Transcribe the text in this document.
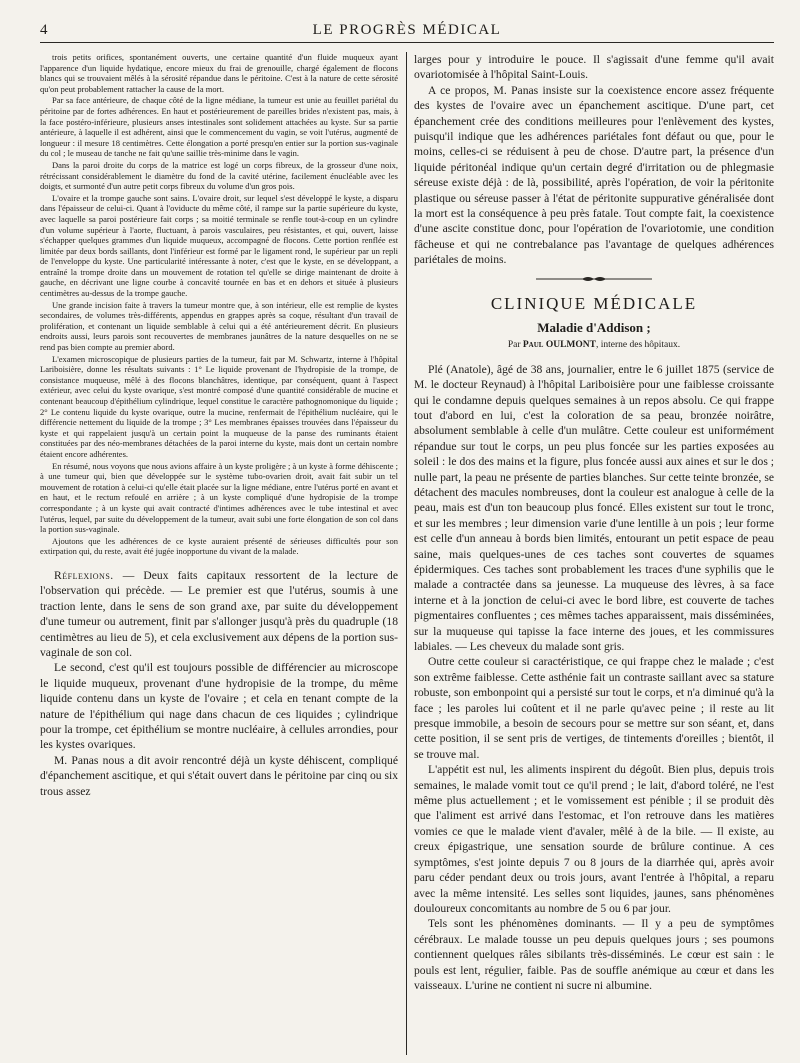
4	LE PROGRÈS MÉDICAL

trois petits orifices, spontanément ouverts, une certaine quantité d'un fluide muqueux ayant l'apparence d'un liquide hydatique, encore mieux du frai de grenouille, chargé également de flocons blancs qui se trouvaient mêlés à la sérosité répandue dans le péritoine. C'est à la nature de cette sérosité qu'on peut probablement rattacher la cause de la mort.

Par sa face antérieure, de chaque côté de la ligne médiane, la tumeur est unie au feuillet pariétal du péritoine par de fortes adhérences. En haut et postérieurement de pareilles brides n'existent pas, mais, à la face postéro-inférieure, plusieurs anses intestinales sont solidement attachées au kyste. Sur sa partie antérieure, à laquelle il est adhérent, ainsi que le commencement du vagin, se voit l'utérus, augmenté de longueur : il mesure 18 centimètres. Cette élongation a porté presqu'en entier sur la portion sus-vaginale du col ; le museau de tanche ne fait qu'une saillie très-minime dans le vagin.

Dans la paroi droite du corps de la matrice est logé un corps fibreux, de la grosseur d'une noix, rétrécissant considérablement le diamètre du fond de la cavité utérine, facilement énucléable avec les doigts, et surmonté d'un autre petit corps fibreux du volume d'un gros pois.

L'ovaire et la trompe gauche sont sains. L'ovaire droit, sur lequel s'est développé le kyste, a disparu dans l'épaisseur de celui-ci. Quant à l'oviducte du même côté, il rampe sur la partie supérieure du kyste, avec laquelle sa paroi postérieure fait corps ; sa moitié terminale se renfle tout-à-coup en un cylindre d'un volume supérieur à l'aorte, fluctuant, à parois vasculaires, peu résistantes, et qui, ouvert, laisse s'échapper quelques grammes d'un liquide muqueux, accompagné de flocons. Cette portion renflée est limitée par deux bords saillants, dont l'inférieur est formé par le ligament rond, le supérieur par un repli de l'enveloppe du kyste. Une particularité intéressante à noter, c'est que le kyste, en se développant, a entraîné la trompe droite dans un mouvement de rotation tel qu'elle se dirige maintenant de droite à gauche, en décrivant une ligne courbe à concavité tournée en bas et en dehors et située à plusieurs centimètres au-dessus de la trompe gauche.

Une grande incision faite à travers la tumeur montre que, à son intérieur, elle est remplie de kystes secondaires, de volumes très-différents, appendus en grappes après sa coque, résultant d'un travail de prolifération, et contenant un liquide semblable à celui qui a été antérieurement décrit. En plusieurs endroits aussi, leurs parois sont recouvertes de membranes jaunâtres de la nature desquelles on ne se rend pas bien compte au premier abord.

L'examen microscopique de plusieurs parties de la tumeur, fait par M. Schwartz, interne à l'hôpital Lariboisière, donne les résultats suivants : 1° Le liquide provenant de l'hydropisie de la trompe, de consistance muqueuse, mêlé à des flocons blanchâtres, identique, par conséquent, quant à l'aspect extérieur, avec celui du kyste ovarique, s'est montré composé d'une quantité considérable de mucine et contenant beaucoup d'épithélium cylindrique, lequel constitue le caractère pathognomonique du liquide ; 2° Le contenu liquide du kyste ovarique, outre la mucine, renfermait de l'épithélium nucléaire, qui le différencie nettement du liquide de la trompe ; 3° Les membranes épaisses trouvées dans l'épaisseur du kyste et qui rappelaient jusqu'à un certain point la muqueuse de la panse des ruminants étaient constituées par des néo-membranes détachées de la paroi interne du kyste, mais dont un certain nombre étaient encore adhérentes.

En résumé, nous voyons que nous avions affaire à un kyste proligère ; à un kyste à forme déhiscente ; à une tumeur qui, bien que développée sur le système tubo-ovarien droit, avait fait subir un tel mouvement de rotation à celui-ci qu'elle était placée sur la ligne médiane, entre l'utérus porté en avant et en haut, et le rectum refoulé en arrière ; à un kyste compliqué d'une hydropisie de la trompe correspondante ; à un kyste qui avait contracté d'intimes adhérences avec le tube intestinal et avec l'utérus, lequel, par suite du développement de la tumeur, avait subi une forte élongation de son col dans la portion sus-vaginale.

Ajoutons que les adhérences de ce kyste auraient présenté de sérieuses difficultés pour son extirpation qui, du reste, avait été jugée inopportune du vivant de la malade.

Réflexions. — Deux faits capitaux ressortent de la lecture de l'observation qui précède. — Le premier est que l'utérus, soumis à une traction lente, dans le sens de son grand axe, par suite du développement d'une tumeur ou autrement, finit par s'allonger jusqu'à près du quadruple (18 centimètres au lieu de 5), et cela exclusivement aux dépens de la portion sus-vaginale de son col.

Le second, c'est qu'il est toujours possible de différencier au microscope le liquide muqueux, provenant d'une hydropisie de la trompe, du même liquide contenu dans un kyste de l'ovaire ; et cela en tenant compte de la nature de l'épithélium qui nage dans chacun de ces liquides ; cylindrique pour la trompe, cet épithélium se montre nucléaire, à cellules arrondies, pour les kystes ovariques.

M. Panas nous a dit avoir rencontré déjà un kyste déhiscent, compliqué d'épanchement ascitique, et qui s'était ouvert dans le péritoine par cinq ou six trous assez

larges pour y introduire le pouce. Il s'agissait d'une femme qu'il avait ovariotomisée à l'hôpital Saint-Louis.

A ce propos, M. Panas insiste sur la coexistence encore assez fréquente des kystes de l'ovaire avec un épanchement ascitique. D'une part, cet épanchement crée des conditions meilleures pour l'enlèvement des kystes, puisqu'il indique que les adhérences pariétales font défaut ou que, pour le moins, celles-ci se réduisent à peu de chose. D'autre part, la présence d'un liquide péritonéal indique qu'un certain degré d'irritation ou de phlegmasie séreuse existe déjà : de là, possibilité, après l'opération, de voir la péritonite plastique ou séreuse passer à l'état de péritonite suppurative généralisée dont la mort est la conséquence à peu près fatale. Tout compte fait, la coexistence d'une ascite constitue donc, pour l'opération de l'ovariotomie, une condition fâcheuse et qui ne contrebalance pas l'avantage de quelques adhérences pariétales de moins.

CLINIQUE MÉDICALE
Maladie d'Addison ;
Par Paul OULMONT, interne des hôpitaux.

Plé (Anatole), âgé de 38 ans, journalier, entre le 6 juillet 1875 (service de M. le docteur Reynaud) à l'hôpital Lariboisière pour une faiblesse croissante qui le condamne depuis quelques semaines à un repos absolu. Ce qui frappe tout d'abord en lui, c'est la coloration de sa peau, bronzée noirâtre, absolument semblable à celle d'un mulâtre. Cette couleur est uniformément répandue sur tout le corps, un peu plus foncée sur les parties exposées au soleil : le dos des mains et la figure, plus foncée aussi aux aines et sur le dos ; nulle part, la peau ne présente de parties blanches. Sur cette teinte bronzée, se détachent des macules nombreuses, dont la couleur est analogue à celle de la peau, mais est d'un ton beaucoup plus foncé. Elles existent sur tout le tronc, et sur les membres ; leur dimension varie d'une lentille à un pois ; leur forme est celle d'un anneau à bords bien limités, entourant un petit espace de peau saine, mais quelques-unes de ces taches sont couvertes de squames épidermiques. Ces taches sont probablement les traces d'une syphilis que le malade a contractée dans sa jeunesse. La muqueuse des lèvres, à sa face interne et à la jonction de celui-ci avec le bord libre, est couverte de taches pigmentaires confluentes ; ces mêmes taches apparaissent, mais disséminées, sur la muqueuse qui tapisse la face interne des joues, et les commissures labiales. — Les cheveux du malade sont gris.

Outre cette couleur si caractéristique, ce qui frappe chez le malade ; c'est son extrême faiblesse. Cette asthénie fait un contraste saillant avec sa stature robuste, son embonpoint qui a persisté sur tout le corps, et n'a diminué qu'à la face ; les paroles lui coûtent et il ne parle qu'avec peine ; il reste au lit presque immobile, a besoin de secours pour se mettre sur son séant, et, dans cette position, il se sent pris de vertiges, de tintements d'oreilles ; bientôt, il se trouve mal.

L'appétit est nul, les aliments inspirent du dégoût. Bien plus, depuis trois semaines, le malade vomit tout ce qu'il prend ; le lait, d'abord toléré, ne l'est même plus actuellement ; et le vomissement est pénible ; il se produit dès que l'aliment est arrivé dans l'estomac, et l'on retrouve dans les matières vomies ce que le malade vient d'avaler, mêlé à de la bile. — Il existe, au creux épigastrique, une sensation sourde de brûlure continue. A ces symptômes, s'est jointe depuis 7 ou 8 jours de la diarrhée qui, après avoir paru céder pendant deux ou trois jours, avant l'entrée à l'hôpital, a reparu avec la même intensité. Les selles sont liquides, jaunes, sans phénomènes douloureux concomitants au nombre de 5 ou 6 par jour.

Tels sont les phénomènes dominants. — Il y a peu de symptômes cérébraux. Le malade tousse un peu depuis quelques jours ; ses poumons contiennent quelques râles sibilants très-disséminés. Le cœur est sain : le pouls est lent, régulier, faible. Pas de souffle anémique au cœur et dans les vaisseaux. L'urine ne contient ni sucre ni albumine.
